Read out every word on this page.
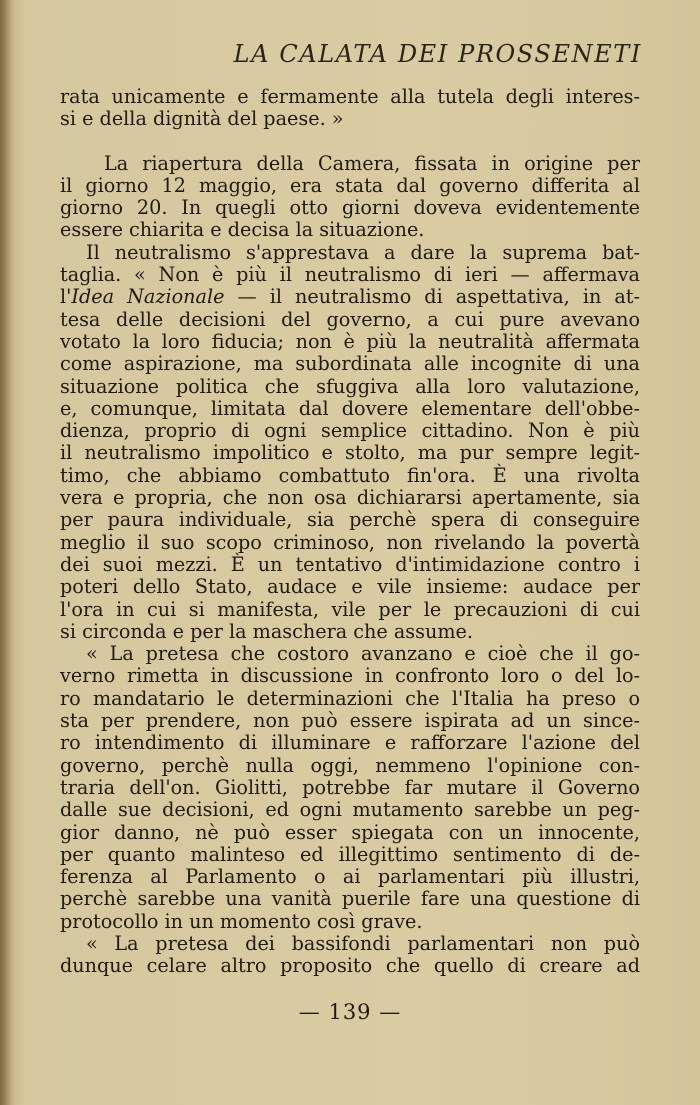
LA CALATA DEI PROSSENETI
rata unicamente e fermamente alla tutela degli interes-
si e della dignità del paese. »
La riapertura della Camera, fissata in origine per
il giorno 12 maggio, era stata dal governo differita al
giorno 20. In quegli otto giorni doveva evidentemente
essere chiarita e decisa la situazione.
Il neutralismo s'apprestava a dare la suprema bat-
taglia. « Non è più il neutralismo di ieri — affermava
l'Idea Nazionale — il neutralismo di aspettativa, in at-
tesa delle decisioni del governo, a cui pure avevano
votato la loro fiducia; non è più la neutralità affermata
come aspirazione, ma subordinata alle incognite di una
situazione politica che sfuggiva alla loro valutazione,
e, comunque, limitata dal dovere elementare dell'obbe-
dienza, proprio di ogni semplice cittadino. Non è più
il neutralismo impolitico e stolto, ma pur sempre legit-
timo, che abbiamo combattuto fin'ora. È una rivolta
vera e propria, che non osa dichiararsi apertamente, sia
per paura individuale, sia perchè spera di conseguire
meglio il suo scopo criminoso, non rivelando la povertà
dei suoi mezzi. È un tentativo d'intimidazione contro i
poteri dello Stato, audace e vile insieme: audace per
l'ora in cui si manifesta, vile per le precauzioni di cui
si circonda e per la maschera che assume.
« La pretesa che costoro avanzano e cioè che il go-
verno rimetta in discussione in confronto loro o del lo-
ro mandatario le determinazioni che l'Italia ha preso o
sta per prendere, non può essere ispirata ad un since-
ro intendimento di illuminare e rafforzare l'azione del
governo, perchè nulla oggi, nemmeno l'opinione con-
traria dell'on. Giolitti, potrebbe far mutare il Governo
dalle sue decisioni, ed ogni mutamento sarebbe un peg-
gior danno, nè può esser spiegata con un innocente,
per quanto malinteso ed illegittimo sentimento di de-
ferenza al Parlamento o ai parlamentari più illustri,
perchè sarebbe una vanità puerile fare una questione di
protocollo in un momento così grave.
« La pretesa dei bassifondi parlamentari non può
dunque celare altro proposito che quello di creare ad
— 139 —
